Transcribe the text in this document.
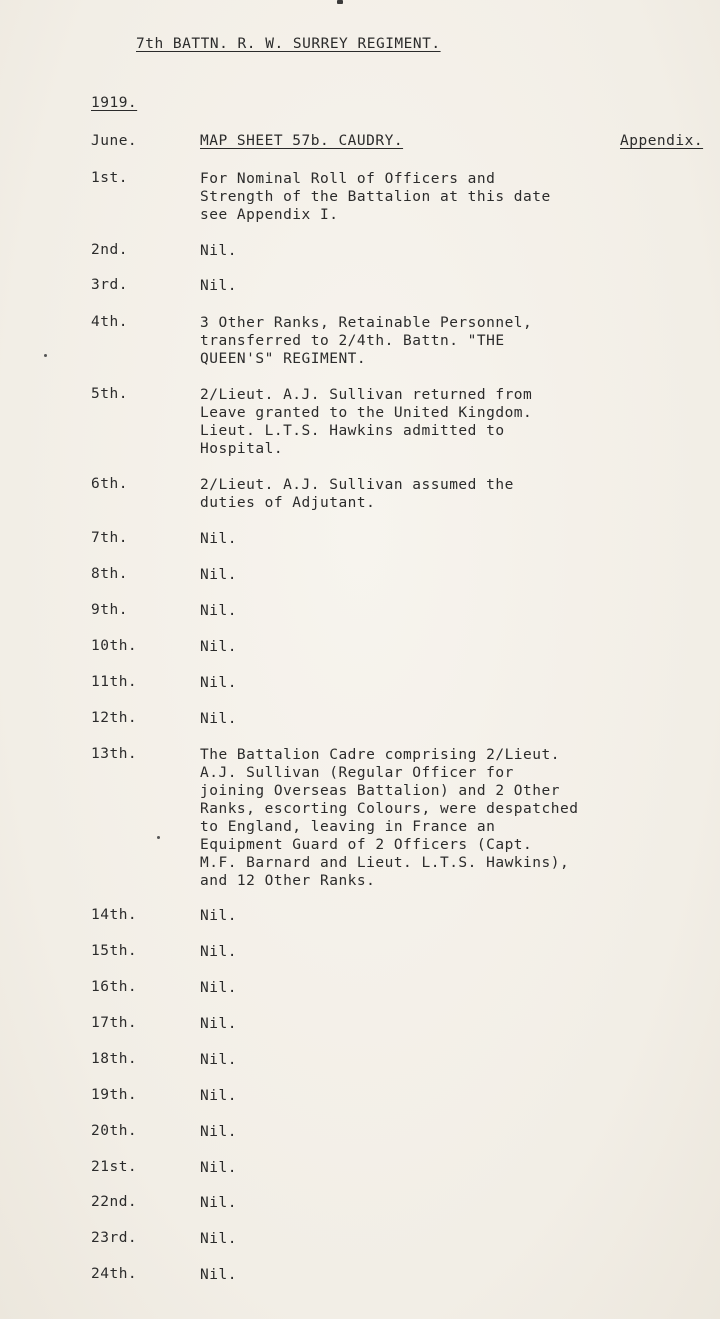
7th BATTN. R. W. SURREY REGIMENT.
1919.
June.	MAP SHEET 57b. CAUDRY.	Appendix.
1st.	For Nominal Roll of Officers and
Strength of the Battalion at this date
see Appendix I.
2nd.	Nil.
3rd.	Nil.
4th.	3 Other Ranks, Retainable Personnel,
transferred to 2/4th. Battn. "THE
QUEEN'S" REGIMENT.
5th.	2/Lieut. A.J. Sullivan returned from
Leave granted to the United Kingdom.
Lieut. L.T.S. Hawkins admitted to
Hospital.
6th.	2/Lieut. A.J. Sullivan assumed the
duties of Adjutant.
7th.	Nil.
8th.	Nil.
9th.	Nil.
10th.	Nil.
11th.	Nil.
12th.	Nil.
13th.	The Battalion Cadre comprising 2/Lieut.
A.J. Sullivan (Regular Officer for
joining Overseas Battalion) and 2 Other
Ranks, escorting Colours, were despatched
to England, leaving in France an
Equipment Guard of 2 Officers (Capt.
M.F. Barnard and Lieut. L.T.S. Hawkins),
and 12 Other Ranks.
14th.	Nil.
15th.	Nil.
16th.	Nil.
17th.	Nil.
18th.	Nil.
19th.	Nil.
20th.	Nil.
21st.	Nil.
22nd.	Nil.
23rd.	Nil.
24th.	Nil.
